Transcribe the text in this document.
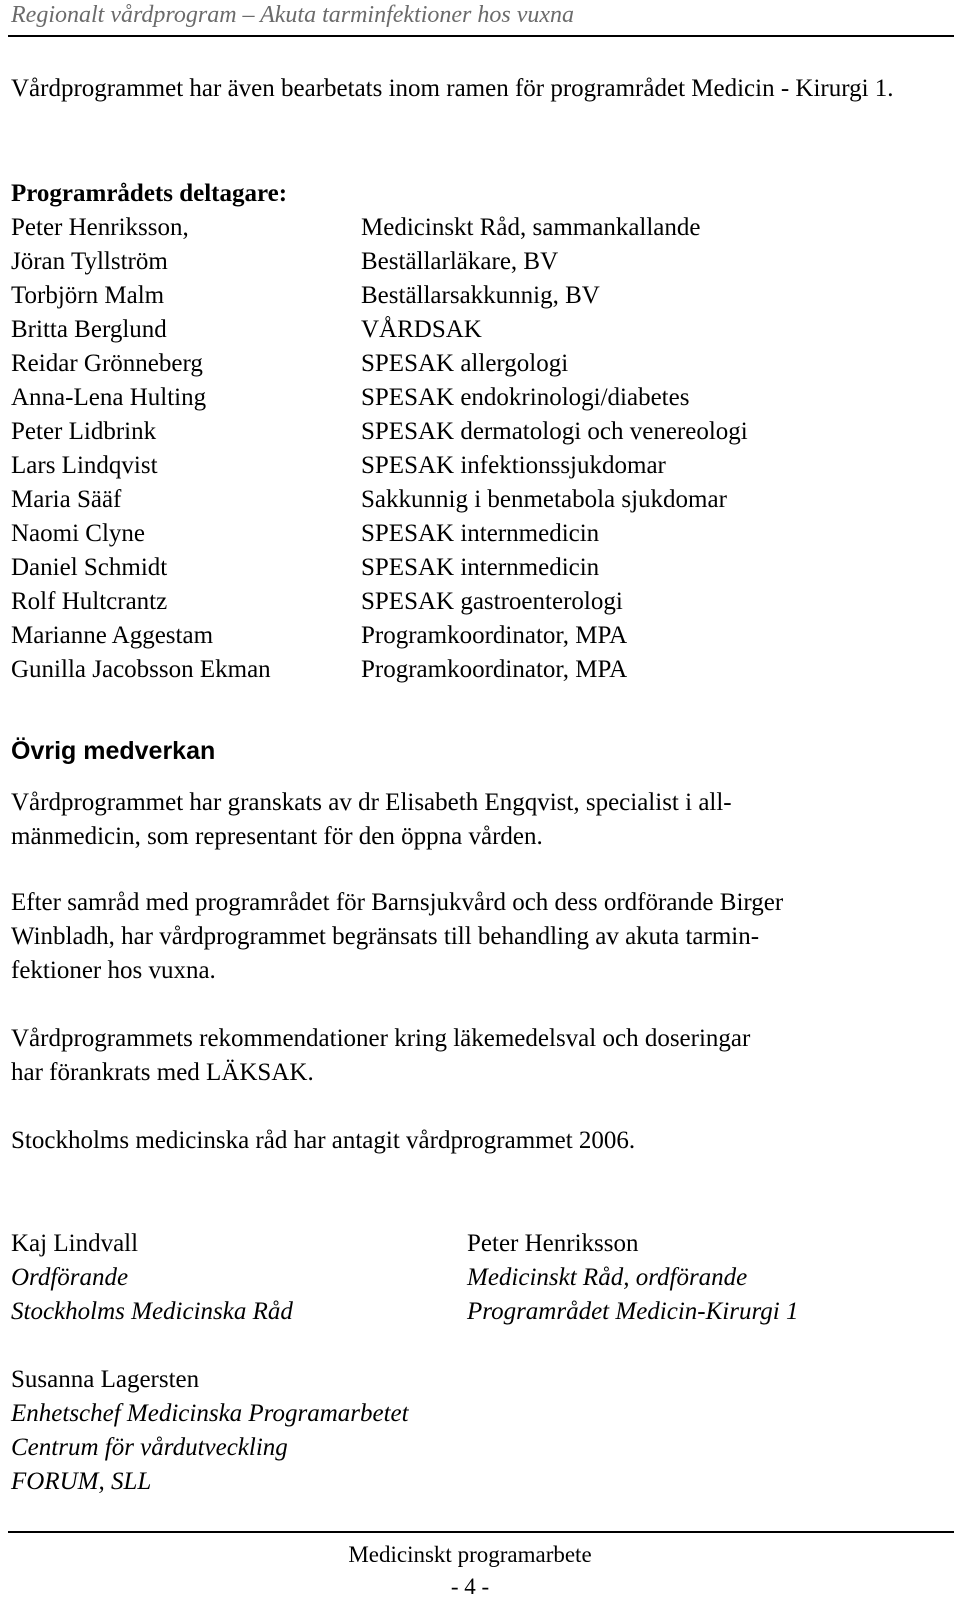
Regionalt vårdprogram – Akuta tarminfektioner hos vuxna
Vårdprogrammet har även bearbetats inom ramen för programrådet Medicin - Kirurgi 1.
Programrådets deltagare:
Peter Henriksson,	Medicinskt Råd, sammankallande
Jöran Tyllström	Beställarläkare, BV
Torbjörn Malm	Beställarsakkunnig, BV
Britta Berglund	VÅRDSAK
Reidar Grönneberg	SPESAK allergologi
Anna-Lena Hulting	SPESAK endokrinologi/diabetes
Peter Lidbrink	SPESAK dermatologi och venereologi
Lars Lindqvist	SPESAK infektionssjukdomar
Maria Sääf	Sakkunnig i benmetabola sjukdomar
Naomi Clyne	SPESAK internmedicin
Daniel Schmidt	SPESAK internmedicin
Rolf Hultcrantz	SPESAK gastroenterologi
Marianne Aggestam	Programkoordinator, MPA
Gunilla Jacobsson Ekman	Programkoordinator, MPA
Övrig medverkan
Vårdprogrammet har granskats av dr Elisabeth Engqvist, specialist i all-
mänmedicin, som representant för den öppna vården.
Efter samråd med programrådet för Barnsjukvård och dess ordförande Birger
Winbladh, har vårdprogrammet begränsats till behandling av akuta tarmin-
fektioner hos vuxna.
Vårdprogrammets rekommendationer kring läkemedelsval och doseringar
har förankrats med LÄKSAK.
Stockholms medicinska råd har antagit vårdprogrammet 2006.
Kaj Lindvall
Ordförande
Stockholms Medicinska Råd
Peter Henriksson
Medicinskt Råd, ordförande
Programrådet Medicin-Kirurgi 1
Susanna Lagersten
Enhetschef Medicinska Programarbetet
Centrum för vårdutveckling
FORUM, SLL
Medicinskt programarbete
- 4 -
